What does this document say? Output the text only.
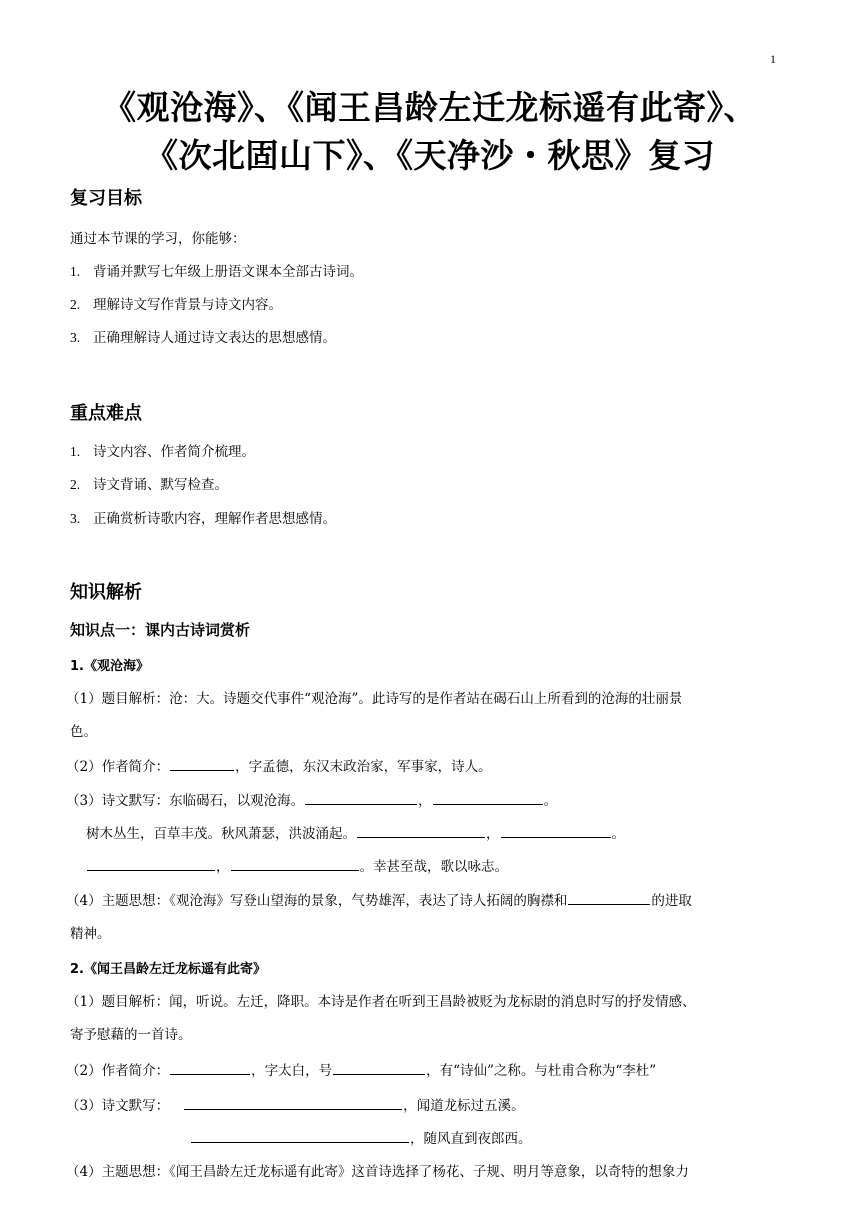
1
《观沧海》、《闻王昌龄左迁龙标遥有此寄》、
《次北固山下》、《天净沙・秋思》复习
复习目标
通过本节课的学习，你能够：
1. 背诵并默写七年级上册语文课本全部古诗词。
2. 理解诗文写作背景与诗文内容。
3. 正确理解诗人通过诗文表达的思想感情。
重点难点
1. 诗文内容、作者简介梳理。
2. 诗文背诵、默写检查。
3. 正确赏析诗歌内容，理解作者思想感情。
知识解析
知识点一：课内古诗词赏析
1.《观沧海》
（1）题目解析：沧：大。诗题交代事件“观沧海”。此诗写的是作者站在碣石山上所看到的沧海的壮丽景
色。
（2）作者简介：	，字孟德，东汉末政治家，军事家，诗人。
（3）诗文默写：东临碣石，以观沧海。	，	。
树木丛生，百草丰茂。秋风萧瑟，洪波涌起。	，	。
，	。幸甚至哉，歌以咏志。
（4）主题思想：《观沧海》写登山望海的景象，气势雄浑，表达了诗人拓阔的胸襟和	的进取
精神。
2.《闻王昌龄左迁龙标遥有此寄》
（1）题目解析：闻，听说。左迁，降职。本诗是作者在听到王昌龄被贬为龙标尉的消息时写的抒发情感、
寄予慰藉的一首诗。
（2）作者简介：	，字太白，号	，有“诗仙”之称。与杜甫合称为“李杜”
（3）诗文默写：	，闻道龙标过五溪。
，随风直到夜郎西。
（4）主题思想：《闻王昌龄左迁龙标遥有此寄》这首诗选择了杨花、子规、明月等意象，以奇特的想象力
